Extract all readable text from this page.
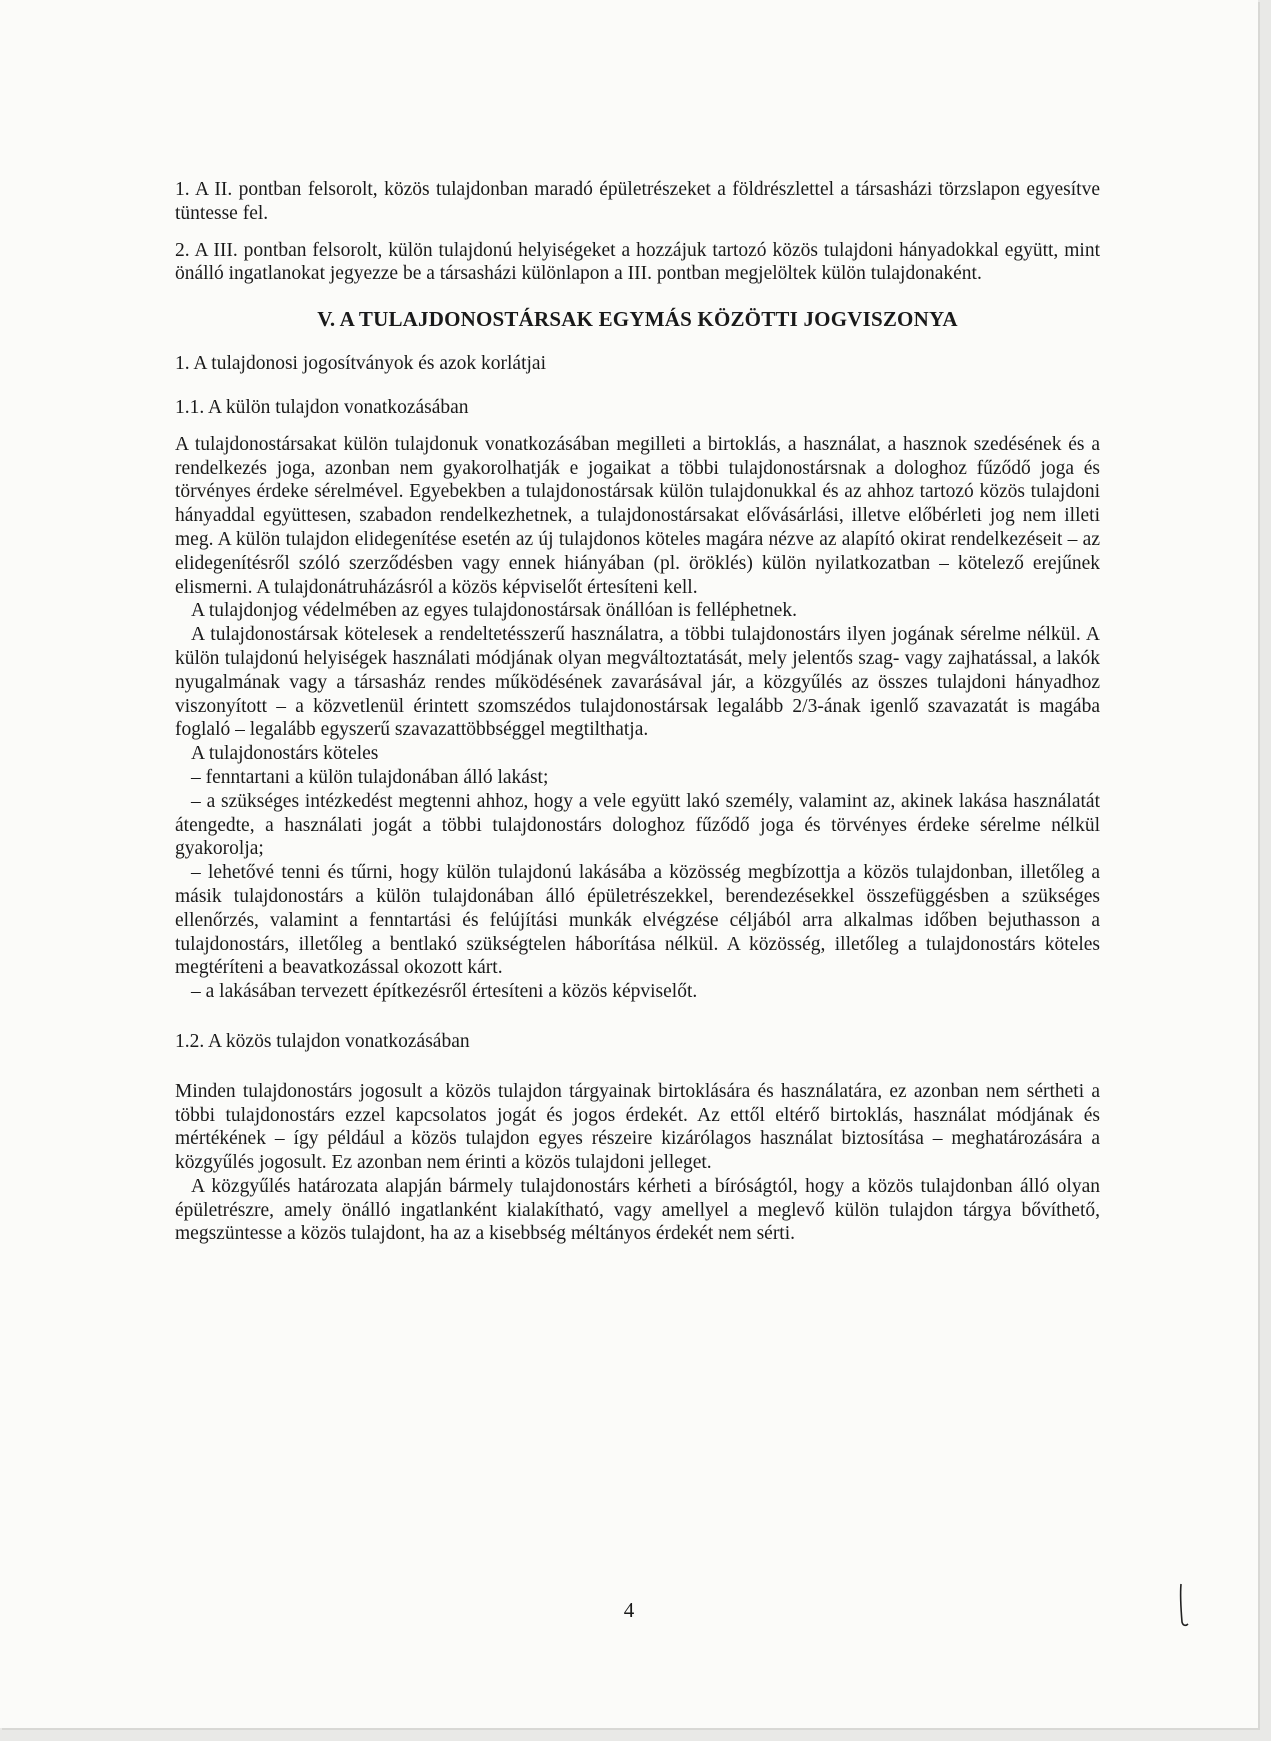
1. A II. pontban felsorolt, közös tulajdonban maradó épületrészeket a földrészlettel a társasházi törzslapon egyesítve tüntesse fel.

2. A III. pontban felsorolt, külön tulajdonú helyiségeket a hozzájuk tartozó közös tulajdoni hányadokkal együtt, mint önálló ingatlanokat jegyezze be a társasházi különlapon a III. pontban megjelöltek külön tulajdonaként.

V. A TULAJDONOSTÁRSAK EGYMÁS KÖZÖTTI JOGVISZONYA

1. A tulajdonosi jogosítványok és azok korlátjai

1.1. A külön tulajdon vonatkozásában

A tulajdonostársakat külön tulajdonuk vonatkozásában megilleti a birtoklás, a használat, a hasznok szedésének és a rendelkezés joga, azonban nem gyakorolhatják e jogaikat a többi tulajdonostársnak a dologhoz fűződő joga és törvényes érdeke sérelmével. Egyebekben a tulajdonostársak külön tulajdonukkal és az ahhoz tartozó közös tulajdoni hányaddal együttesen, szabadon rendelkezhetnek, a tulajdonostársakat elővásárlási, illetve előbérleti jog nem illeti meg. A külön tulajdon elidegenítése esetén az új tulajdonos köteles magára nézve az alapító okirat rendelkezéseit – az elidegenítésről szóló szerződésben vagy ennek hiányában (pl. öröklés) külön nyilatkozatban – kötelező erejűnek elismerni. A tulajdonátruházásról a közös képviselőt értesíteni kell.

A tulajdonjog védelmében az egyes tulajdonostársak önállóan is felléphetnek.

A tulajdonostársak kötelesek a rendeltetésszerű használatra, a többi tulajdonostárs ilyen jogának sérelme nélkül. A külön tulajdonú helyiségek használati módjának olyan megváltoztatását, mely jelentős szag- vagy zajhatással, a lakók nyugalmának vagy a társasház rendes működésének zavarásával jár, a közgyűlés az összes tulajdoni hányadhoz viszonyított – a közvetlenül érintett szomszédos tulajdonostársak legalább 2/3-ának igenlő szavazatát is magába foglaló – legalább egyszerű szavazattöbbséggel megtilthatja.

A tulajdonostárs köteles

– fenntartani a külön tulajdonában álló lakást;

– a szükséges intézkedést megtenni ahhoz, hogy a vele együtt lakó személy, valamint az, akinek lakása használatát átengedte, a használati jogát a többi tulajdonostárs dologhoz fűződő joga és törvényes érdeke sérelme nélkül gyakorolja;

– lehetővé tenni és tűrni, hogy külön tulajdonú lakásába a közösség megbízottja a közös tulajdonban, illetőleg a másik tulajdonostárs a külön tulajdonában álló épületrészekkel, berendezésekkel összefüggésben a szükséges ellenőrzés, valamint a fenntartási és felújítási munkák elvégzése céljából arra alkalmas időben bejuthasson a tulajdonostárs, illetőleg a bentlakó szükségtelen háborítása nélkül. A közösség, illetőleg a tulajdonostárs köteles megtéríteni a beavatkozással okozott kárt.

– a lakásában tervezett építkezésről értesíteni a közös képviselőt.

1.2. A közös tulajdon vonatkozásában

Minden tulajdonostárs jogosult a közös tulajdon tárgyainak birtoklására és használatára, ez azonban nem sértheti a többi tulajdonostárs ezzel kapcsolatos jogát és jogos érdekét. Az ettől eltérő birtoklás, használat módjának és mértékének – így például a közös tulajdon egyes részeire kizárólagos használat biztosítása – meghatározására a közgyűlés jogosult. Ez azonban nem érinti a közös tulajdoni jelleget.

A közgyűlés határozata alapján bármely tulajdonostárs kérheti a bíróságtól, hogy a közös tulajdonban álló olyan épületrészre, amely önálló ingatlanként kialakítható, vagy amellyel a meglevő külön tulajdon tárgya bővíthető, megszüntesse a közös tulajdont, ha az a kisebbség méltányos érdekét nem sérti.

4
